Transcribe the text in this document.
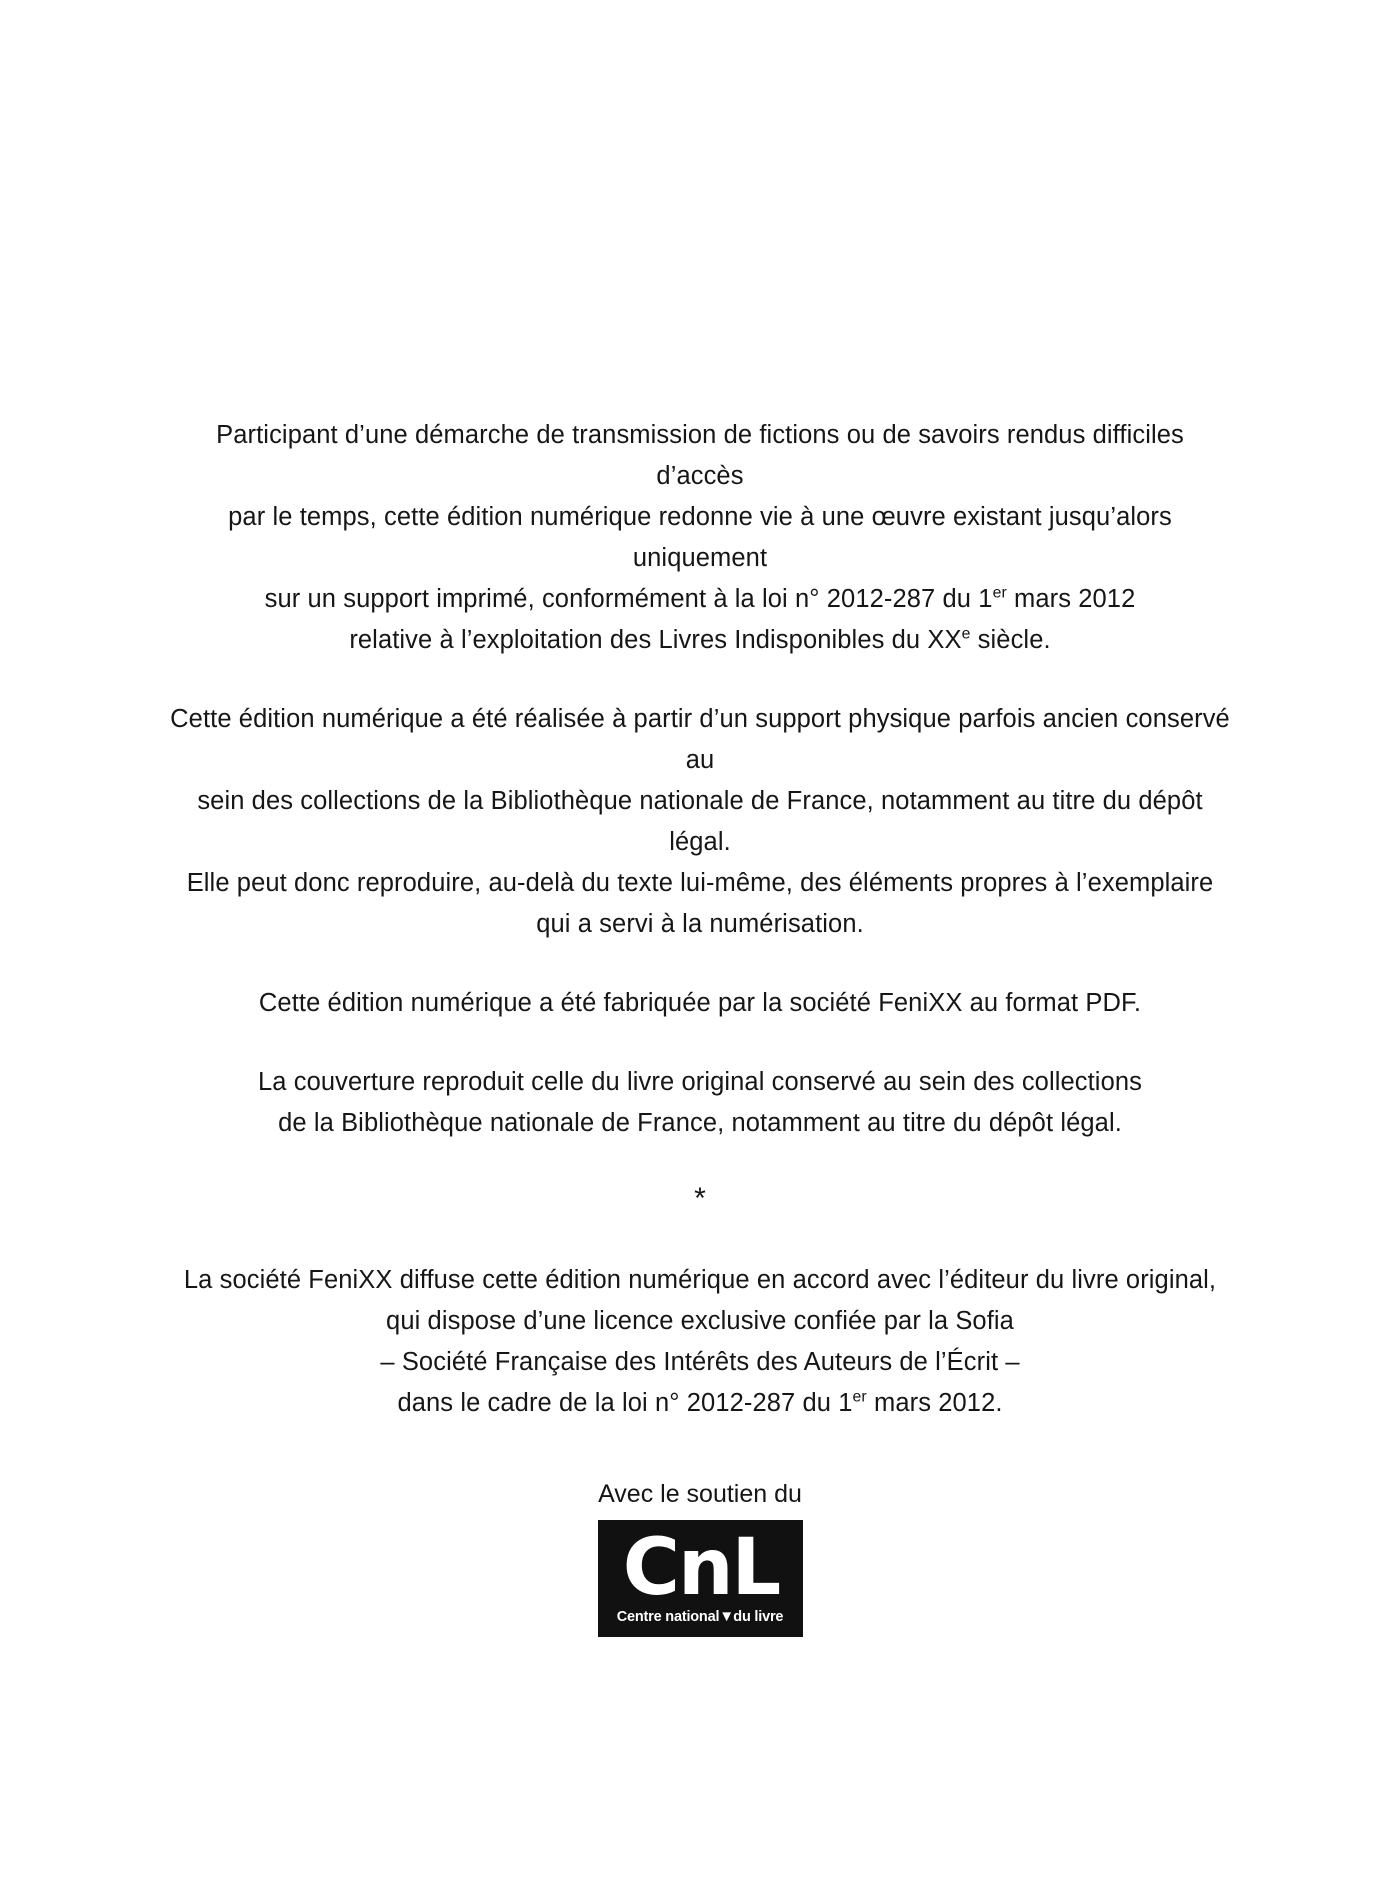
Participant d’une démarche de transmission de fictions ou de savoirs rendus difficiles d’accès
par le temps, cette édition numérique redonne vie à une œuvre existant jusqu’alors uniquement
sur un support imprimé, conformément à la loi n° 2012-287 du 1er mars 2012
relative à l’exploitation des Livres Indisponibles du XXe siècle.

Cette édition numérique a été réalisée à partir d’un support physique parfois ancien conservé au
sein des collections de la Bibliothèque nationale de France, notamment au titre du dépôt légal.
Elle peut donc reproduire, au-delà du texte lui-même, des éléments propres à l’exemplaire
qui a servi à la numérisation.

Cette édition numérique a été fabriquée par la société FeniXX au format PDF.

La couverture reproduit celle du livre original conservé au sein des collections
de la Bibliothèque nationale de France, notamment au titre du dépôt légal.

*

La société FeniXX diffuse cette édition numérique en accord avec l’éditeur du livre original,
qui dispose d’une licence exclusive confiée par la Sofia
– Société Française des Intérêts des Auteurs de l’Écrit –
dans le cadre de la loi n° 2012-287 du 1er mars 2012.

Avec le soutien du
CnL
Centre national▼du livre
